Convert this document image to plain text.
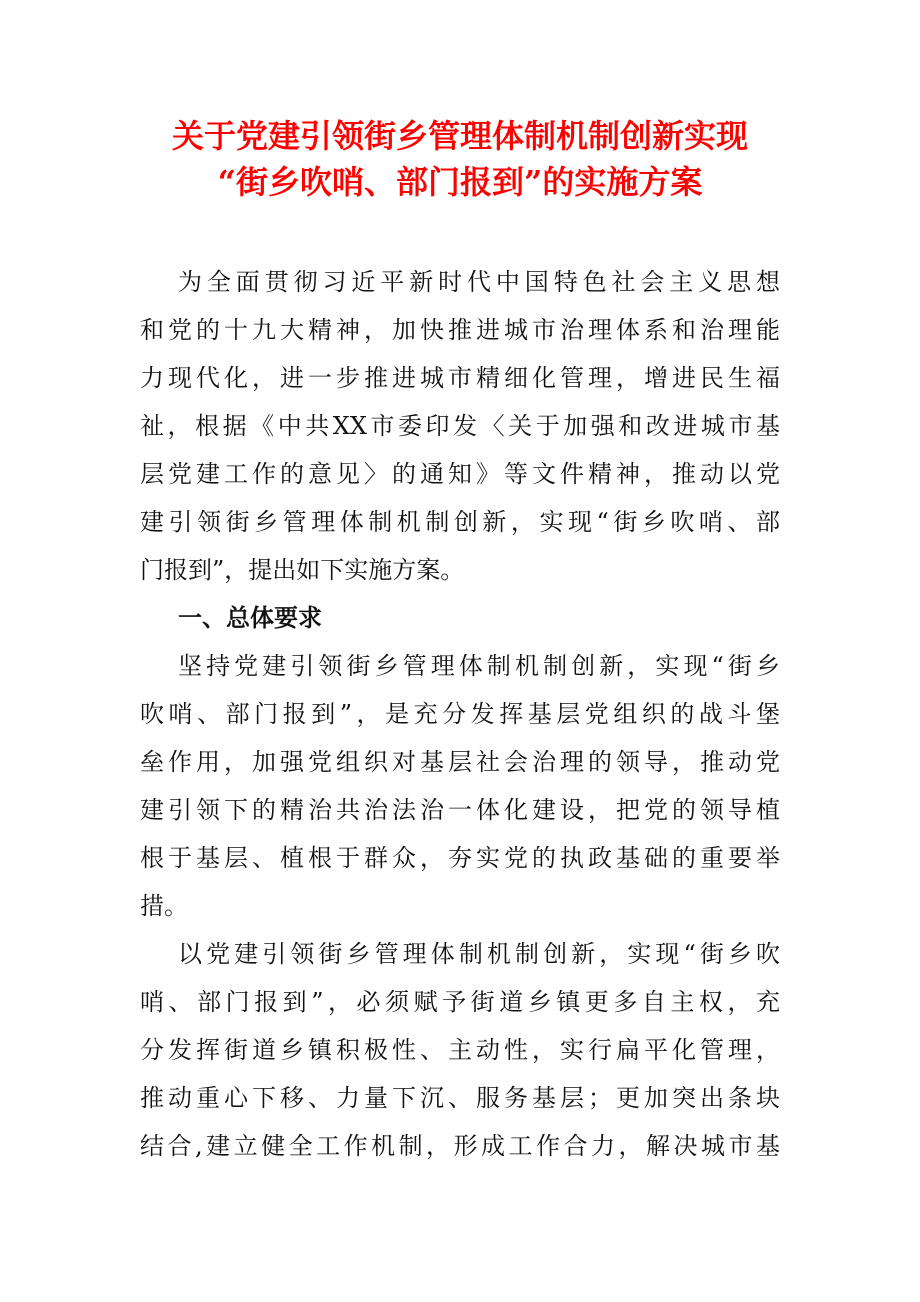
关于党建引领街乡管理体制机制创新实现
“街乡吹哨、部门报到”的实施方案
为全面贯彻习近平新时代中国特色社会主义思想
和党的十九大精神，加快推进城市治理体系和治理能
力现代化，进一步推进城市精细化管理，增进民生福
祉，根据《中共XX市委印发〈关于加强和改进城市基
层党建工作的意见〉的通知》等文件精神，推动以党
建引领街乡管理体制机制创新，实现“街乡吹哨、部
门报到”，提出如下实施方案。
一、总体要求
坚持党建引领街乡管理体制机制创新，实现“街乡
吹哨、部门报到”，是充分发挥基层党组织的战斗堡
垒作用，加强党组织对基层社会治理的领导，推动党
建引领下的精治共治法治一体化建设，把党的领导植
根于基层、植根于群众，夯实党的执政基础的重要举
措。
以党建引领街乡管理体制机制创新，实现“街乡吹
哨、部门报到”，必须赋予街道乡镇更多自主权，充
分发挥街道乡镇积极性、主动性，实行扁平化管理，
推动重心下移、力量下沉、服务基层；更加突出条块
结合,建立健全工作机制，形成工作合力，解决城市基
